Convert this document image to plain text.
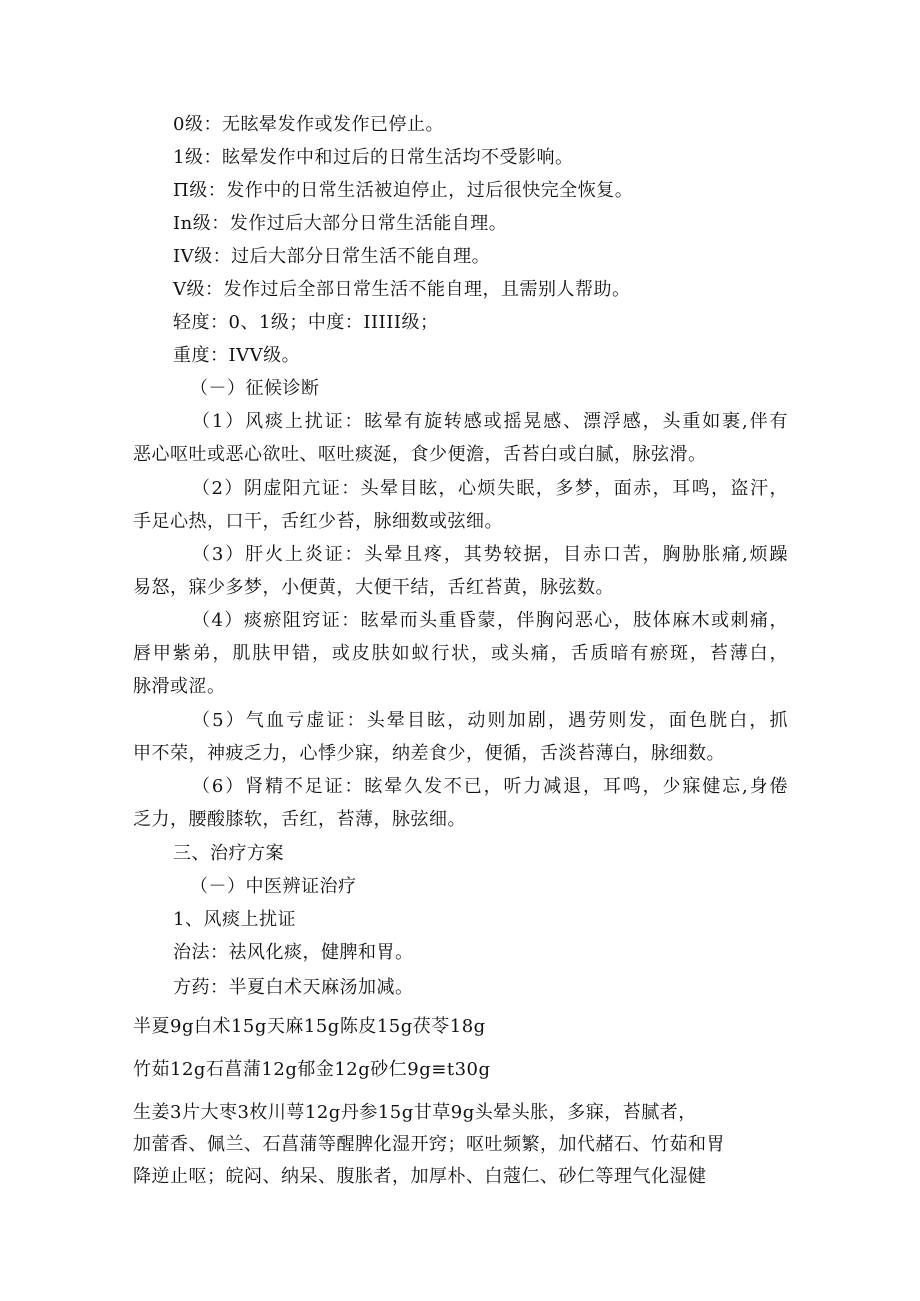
0级：无眩晕发作或发作已停止。
1级：眩晕发作中和过后的日常生活均不受影响。
Π级：发作中的日常生活被迫停止，过后很快完全恢复。
In级：发作过后大部分日常生活能自理。
IV级：过后大部分日常生活不能自理。
V级：发作过后全部日常生活不能自理，且需别人帮助。
轻度：0、1级；中度：IIIII级；
重度：IVV级。
（－）征候诊断
（1）风痰上扰证：眩晕有旋转感或摇晃感、漂浮感，头重如裹,伴有
恶心呕吐或恶心欲吐、呕吐痰涎，食少便澹，舌苔白或白腻，脉弦滑。
（2）阴虚阳亢证：头晕目眩，心烦失眠，多梦，面赤，耳鸣，盗汗，
手足心热，口干，舌红少苔，脉细数或弦细。
（3）肝火上炎证：头晕且疼，其势较据，目赤口苦，胸胁胀痛,烦躁
易怒，寐少多梦，小便黄，大便干结，舌红苔黄，脉弦数。
（4）痰瘀阻窍证：眩晕而头重昏蒙，伴胸闷恶心，肢体麻木或刺痛，
唇甲紫弟，肌肤甲错，或皮肤如蚁行状，或头痛，舌质暗有瘀斑，苔薄白，
脉滑或涩。
（5）气血亏虚证：头晕目眩，动则加剧，遇劳则发，面色胱白，抓
甲不荣，神疲乏力，心悸少寐，纳差食少，便循，舌淡苔薄白，脉细数。
（6）肾精不足证：眩晕久发不已，听力减退，耳鸣，少寐健忘,身倦
乏力，腰酸膝软，舌红，苔薄，脉弦细。
三、治疗方案
（－）中医辨证治疗
1、风痰上扰证
治法：祛风化痰，健脾和胃。
方药：半夏白术天麻汤加减。
半夏9g白术15g天麻15g陈皮15g茯苓18g
竹茹12g石菖蒲12g郁金12g砂仁9g≡t30g
生姜3片大枣3枚川萼12g丹参15g甘草9g头晕头胀，多寐，苔腻者，
加蕾香、佩兰、石菖蒲等醒脾化湿开窍；呕吐频繁，加代赭石、竹茹和胃
降逆止呕；皖闷、纳呆、腹胀者，加厚朴、白蔻仁、砂仁等理气化湿健
